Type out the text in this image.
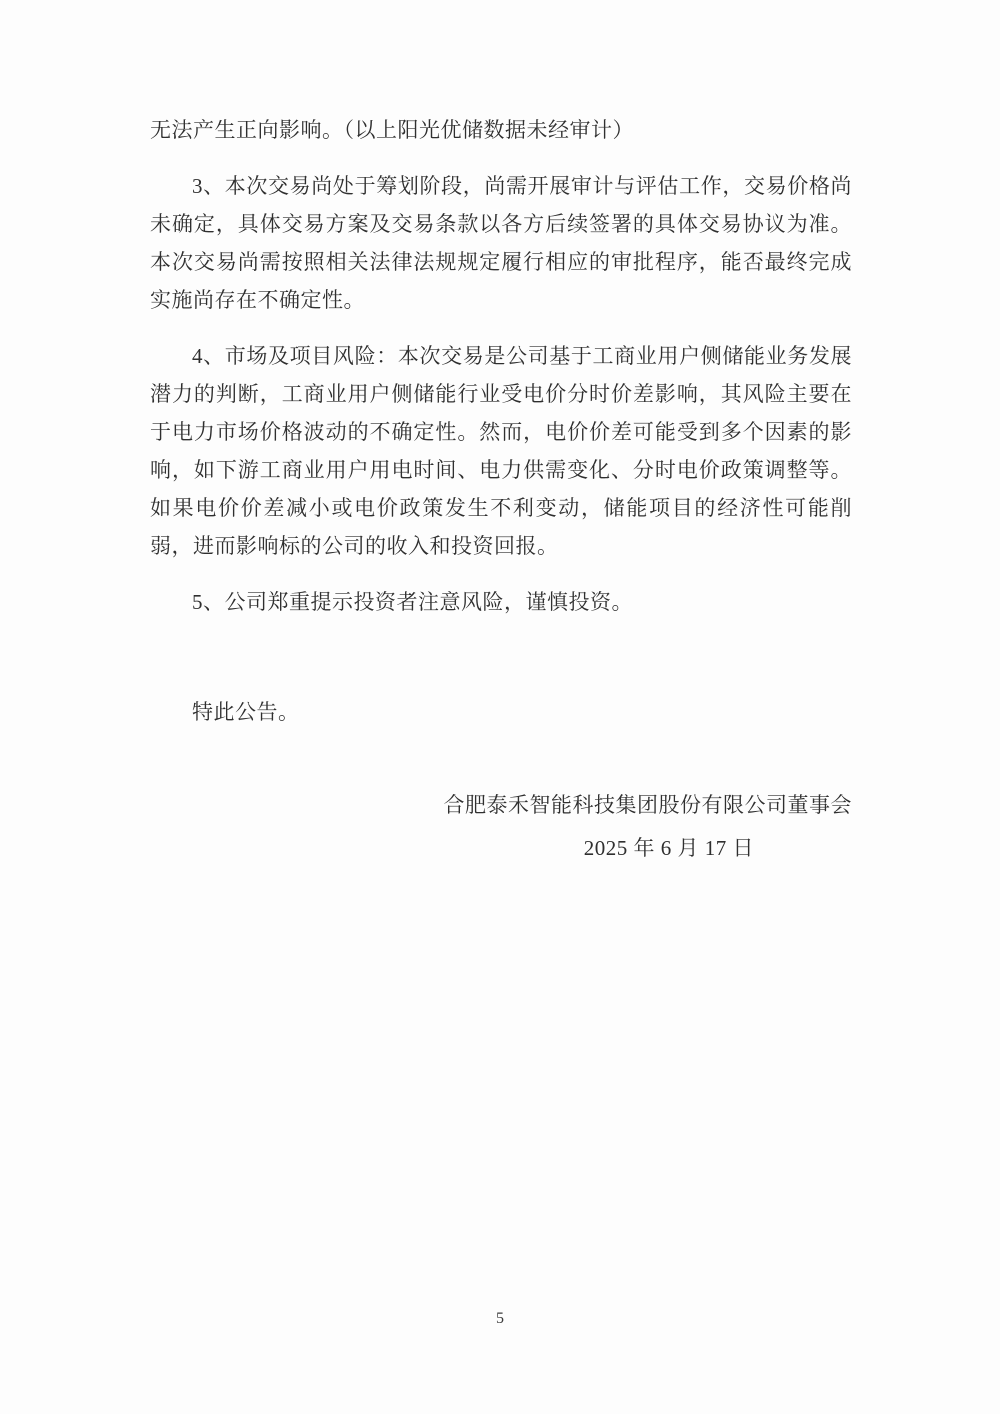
无法产生正向影响。（以上阳光优储数据未经审计）

3、本次交易尚处于筹划阶段，尚需开展审计与评估工作，交易价格尚未确定，具体交易方案及交易条款以各方后续签署的具体交易协议为准。本次交易尚需按照相关法律法规规定履行相应的审批程序，能否最终完成实施尚存在不确定性。

4、市场及项目风险：本次交易是公司基于工商业用户侧储能业务发展潜力的判断，工商业用户侧储能行业受电价分时价差影响，其风险主要在于电力市场价格波动的不确定性。然而，电价价差可能受到多个因素的影响，如下游工商业用户用电时间、电力供需变化、分时电价政策调整等。如果电价价差减小或电价政策发生不利变动，储能项目的经济性可能削弱，进而影响标的公司的收入和投资回报。

5、公司郑重提示投资者注意风险，谨慎投资。

特此公告。

合肥泰禾智能科技集团股份有限公司董事会

2025 年 6 月 17 日

5
